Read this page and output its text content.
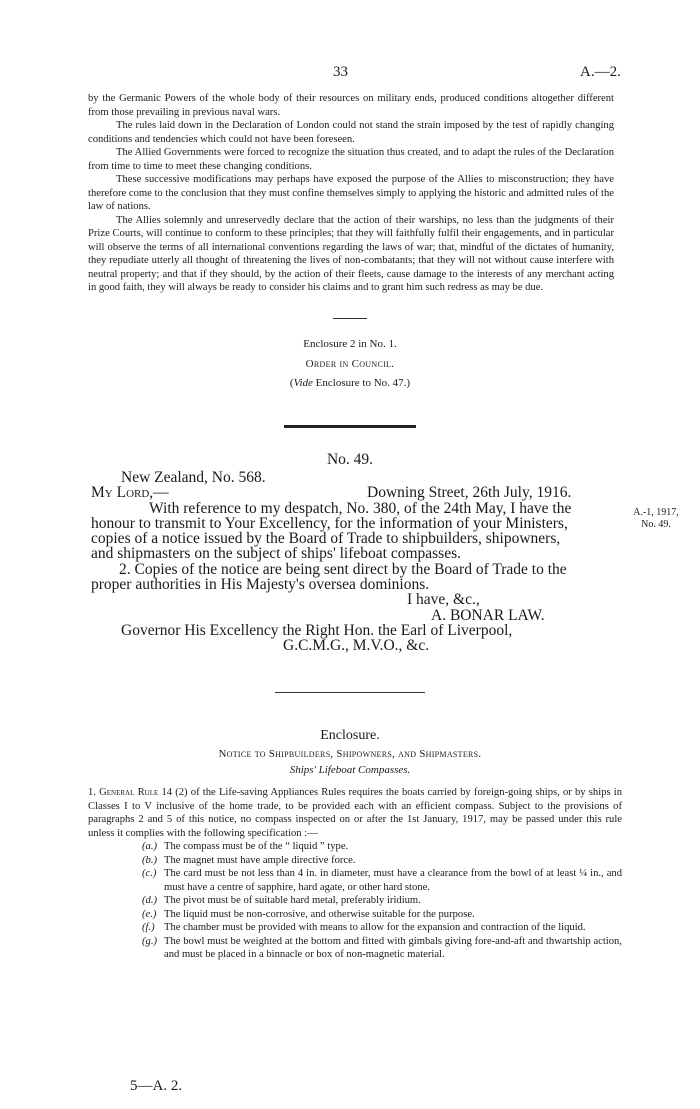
33	A.—2.

by the Germanic Powers of the whole body of their resources on military ends, produced conditions altogether different from those prevailing in previous naval wars.

The rules laid down in the Declaration of London could not stand the strain imposed by the test of rapidly changing conditions and tendencies which could not have been foreseen.

The Allied Governments were forced to recognize the situation thus created, and to adapt the rules of the Declaration from time to time to meet these changing conditions.

These successive modifications may perhaps have exposed the purpose of the Allies to misconstruction; they have therefore come to the conclusion that they must confine themselves simply to applying the historic and admitted rules of the law of nations.

The Allies solemnly and unreservedly declare that the action of their warships, no less than the judgments of their Prize Courts, will continue to conform to these principles; that they will faithfully fulfil their engagements, and in particular will observe the terms of all international conventions regarding the laws of war; that, mindful of the dictates of humanity, they repudiate utterly all thought of threatening the lives of non-combatants; that they will not without cause interfere with neutral property; and that if they should, by the action of their fleets, cause damage to the interests of any merchant acting in good faith, they will always be ready to consider his claims and to grant him such redress as may be due.

Enclosure 2 in No. 1.
Order in Council.
(Vide Enclosure to No. 47.)
No. 49.
New Zealand, No. 568.
My Lord,—	Downing Street, 26th July, 1916.
With reference to my despatch, No. 380, of the 24th May, I have the
honour to transmit to Your Excellency, for the information of your Ministers,
copies of a notice issued by the Board of Trade to shipbuilders, shipowners,
and shipmasters on the subject of ships' lifeboat compasses.
2. Copies of the notice are being sent direct by the Board of Trade to the
proper authorities in His Majesty's oversea dominions.
I have, &c.,
A. BONAR LAW.
Governor His Excellency the Right Hon. the Earl of Liverpool,
G.C.M.G., M.V.O., &c.
A.-1, 1917,
No. 49.
Enclosure.
Notice to Shipbuilders, Shipowners, and Shipmasters.
Ships' Lifeboat Compasses.

1. General Rule 14 (2) of the Life-saving Appliances Rules requires the boats carried by foreign-going ships, or by ships in Classes I to V inclusive of the home trade, to be provided each with an efficient compass. Subject to the provisions of paragraphs 2 and 5 of this notice, no compass inspected on or after the 1st January, 1917, may be passed under this rule unless it complies with the following specification :—

(a.) The compass must be of the “ liquid ” type.

(b.) The magnet must have ample directive force.

(c.) The card must be not less than 4 in. in diameter, must have a clearance from the bowl of at least ¼ in., and must have a centre of sapphire, hard agate, or other hard stone.

(d.) The pivot must be of suitable hard metal, preferably iridium.

(e.) The liquid must be non-corrosive, and otherwise suitable for the purpose.

(f.) The chamber must be provided with means to allow for the expansion and contraction of the liquid.

(g.) The bowl must be weighted at the bottom and fitted with gimbals giving fore-and-aft and thwartship action, and must be placed in a binnacle or box of non-magnetic material.

5—A. 2.
